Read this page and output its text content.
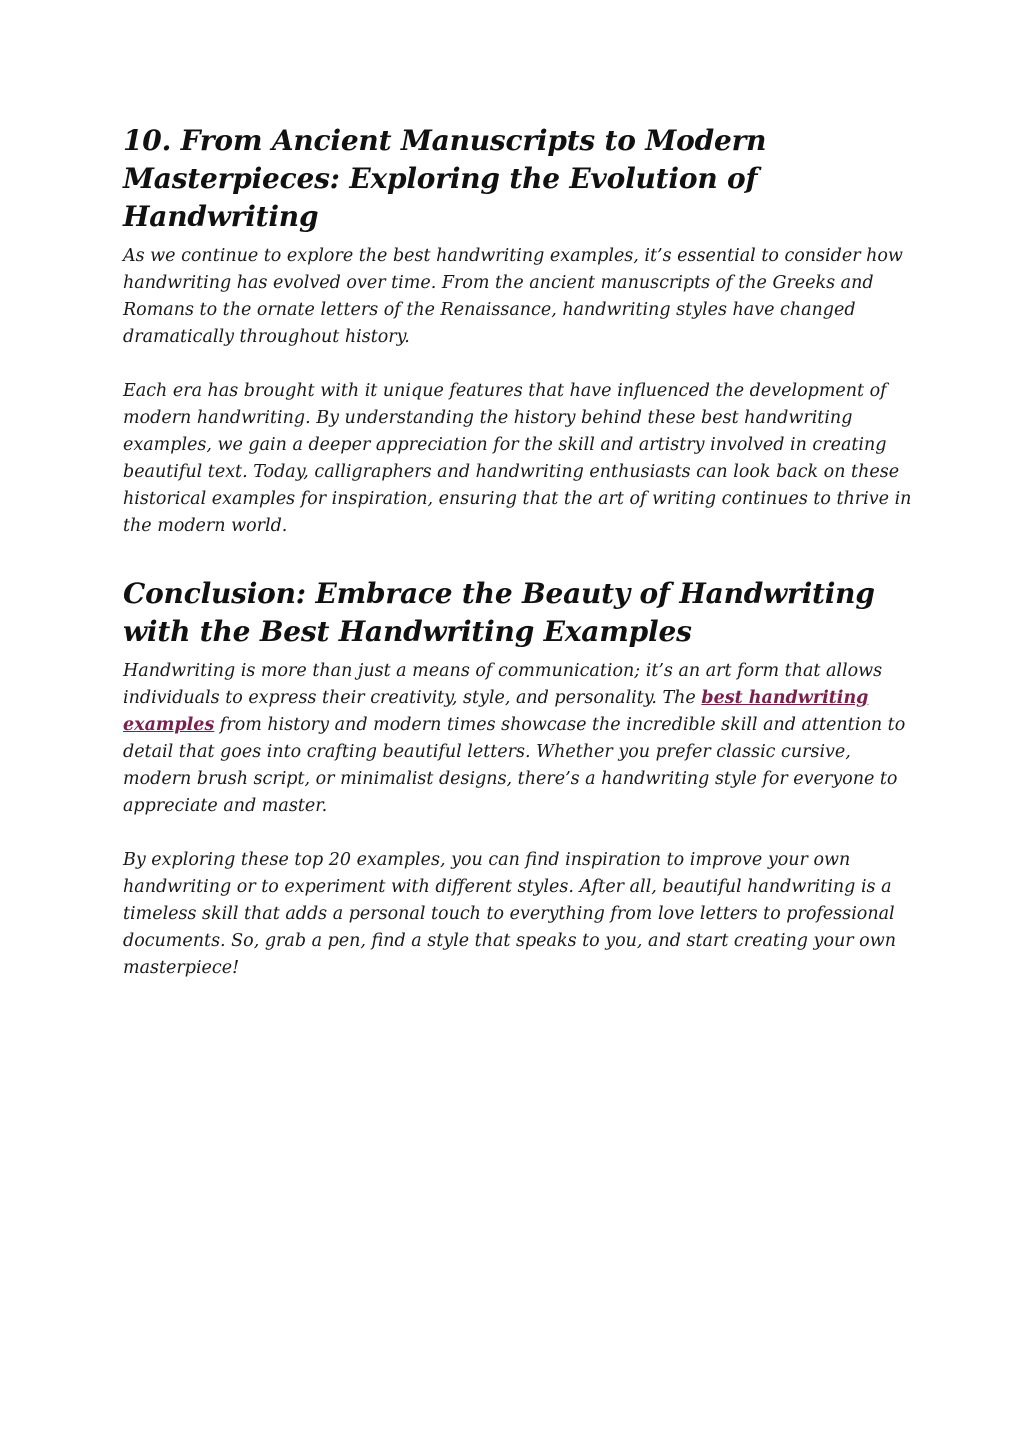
10. From Ancient Manuscripts to Modern Masterpieces: Exploring the Evolution of Handwriting

As we continue to explore the best handwriting examples, it’s essential to consider how handwriting has evolved over time. From the ancient manuscripts of the Greeks and Romans to the ornate letters of the Renaissance, handwriting styles have changed dramatically throughout history.

Each era has brought with it unique features that have influenced the development of modern handwriting. By understanding the history behind these best handwriting examples, we gain a deeper appreciation for the skill and artistry involved in creating beautiful text. Today, calligraphers and handwriting enthusiasts can look back on these historical examples for inspiration, ensuring that the art of writing continues to thrive in the modern world.

Conclusion: Embrace the Beauty of Handwriting with the Best Handwriting Examples

Handwriting is more than just a means of communication; it’s an art form that allows individuals to express their creativity, style, and personality. The best handwriting examples from history and modern times showcase the incredible skill and attention to detail that goes into crafting beautiful letters. Whether you prefer classic cursive, modern brush script, or minimalist designs, there’s a handwriting style for everyone to appreciate and master.

By exploring these top 20 examples, you can find inspiration to improve your own handwriting or to experiment with different styles. After all, beautiful handwriting is a timeless skill that adds a personal touch to everything from love letters to professional documents. So, grab a pen, find a style that speaks to you, and start creating your own masterpiece!
